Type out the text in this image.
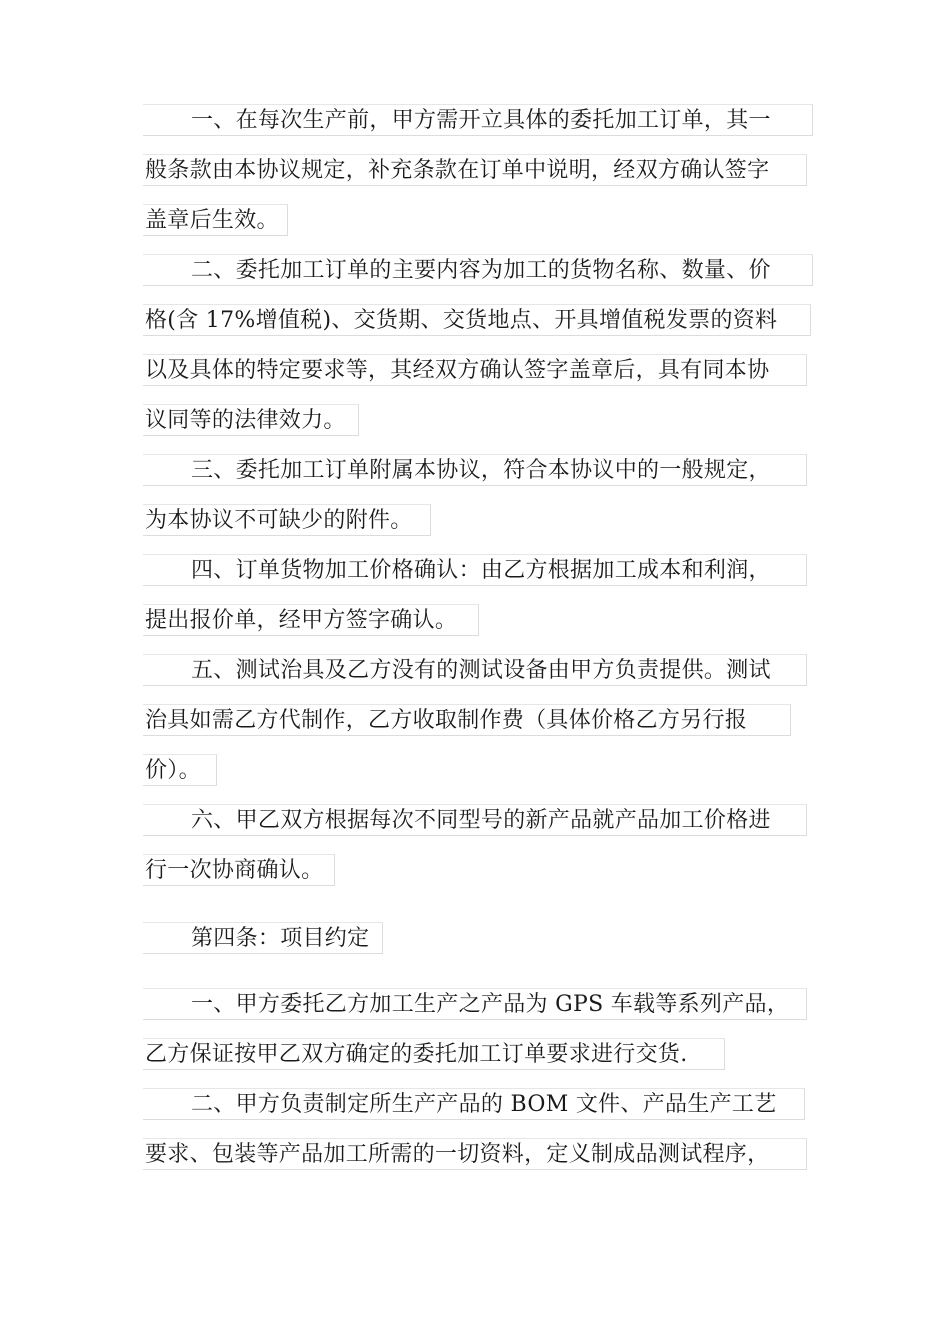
一、在每次生产前，甲方需开立具体的委托加工订单，其一
般条款由本协议规定，补充条款在订单中说明，经双方确认签字
盖章后生效。
二、委托加工订单的主要内容为加工的货物名称、数量、价
格(含 17%增值税)、交货期、交货地点、开具增值税发票的资料
以及具体的特定要求等，其经双方确认签字盖章后，具有同本协
议同等的法律效力。
三、委托加工订单附属本协议，符合本协议中的一般规定，
为本协议不可缺少的附件。
四、订单货物加工价格确认：由乙方根据加工成本和利润，
提出报价单，经甲方签字确认。
五、测试治具及乙方没有的测试设备由甲方负责提供。测试
治具如需乙方代制作，乙方收取制作费（具体价格乙方另行报
价）。
六、甲乙双方根据每次不同型号的新产品就产品加工价格进
行一次协商确认。
第四条：项目约定
一、甲方委托乙方加工生产之产品为 GPS 车载等系列产品，
乙方保证按甲乙双方确定的委托加工订单要求进行交货.
二、甲方负责制定所生产产品的 BOM 文件、产品生产工艺
要求、包装等产品加工所需的一切资料，定义制成品测试程序，
